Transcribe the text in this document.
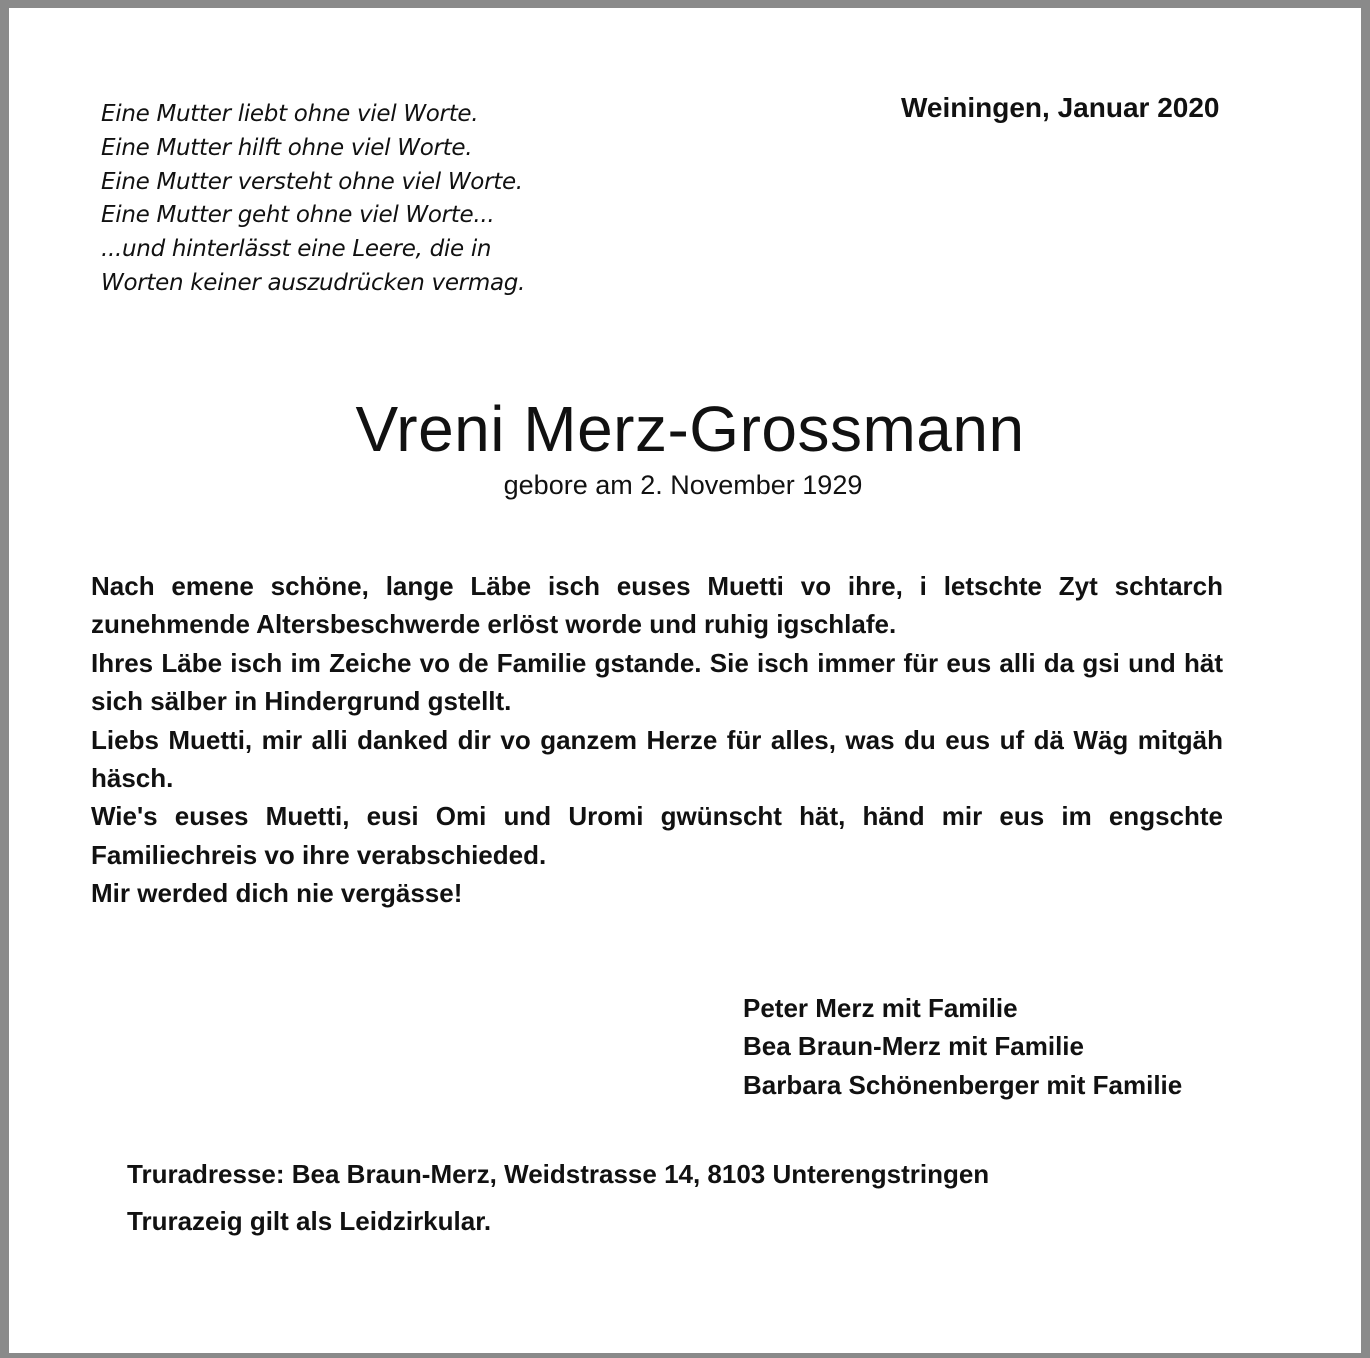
Eine Mutter liebt ohne viel Worte.
Eine Mutter hilft ohne viel Worte.
Eine Mutter versteht ohne viel Worte.
Eine Mutter geht ohne viel Worte...
...und hinterlässt eine Leere, die in
Worten keiner auszudrücken vermag.
Weiningen, Januar 2020
Vreni Merz-Grossmann
gebore am 2. November 1929

Nach emene schöne, lange Läbe isch euses Muetti vo ihre, i letschte Zyt schtarch zunehmende Altersbeschwerde erlöst worde und ruhig igschlafe.

Ihres Läbe isch im Zeiche vo de Familie gstande. Sie isch immer für eus alli da gsi und hät sich sälber in Hindergrund gstellt.

Liebs Muetti, mir alli danked dir vo ganzem Herze für alles, was du eus uf dä Wäg mitgäh häsch.

Wie's euses Muetti, eusi Omi und Uromi gwünscht hät, händ mir eus im engschte Familiechreis vo ihre verabschieded.

Mir werded dich nie vergässe!

Peter Merz mit Familie
Bea Braun-Merz mit Familie
Barbara Schönenberger mit Familie
Truradresse: Bea Braun-Merz, Weidstrasse 14, 8103 Unterengstringen
Trurazeig gilt als Leidzirkular.
